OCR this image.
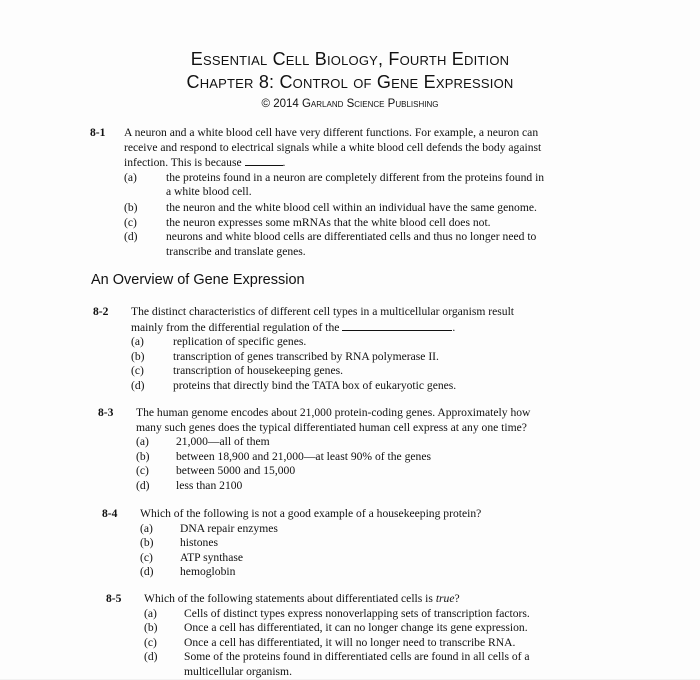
Essential Cell Biology, Fourth Edition
Chapter 8: Control of Gene Expression
© 2014 Garland Science Publishing
8-1 A neuron and a white blood cell have very different functions. For example, a neuron can
receive and respond to electrical signals while a white blood cell defends the body against
infection. This is because	.
(a)	the proteins found in a neuron are completely different from the proteins found in
a white blood cell.
(b) the neuron and the white blood cell within an individual have the same genome.
(c)	the neuron expresses some mRNAs that the white blood cell does not.
(d) neurons and white blood cells are differentiated cells and thus no longer need to
transcribe and translate genes.
An Overview of Gene Expression
8-2 The distinct characteristics of different cell types in a multicellular organism result
mainly from the differential regulation of the	.
(a)	replication of specific genes.
(b) transcription of genes transcribed by RNA polymerase II.
(c)	transcription of housekeeping genes.
(d) proteins that directly bind the TATA box of eukaryotic genes.
8-3 The human genome encodes about 21,000 protein-coding genes. Approximately how
many such genes does the typical differentiated human cell express at any one time?
(a) 21,000—all of them
(b) between 18,900 and 21,000—at least 90% of the genes
(c) between 5000 and 15,000
(d) less than 2100
8-4 Which of the following is not a good example of a housekeeping protein?
(a) DNA repair enzymes
(b) histones
(c) ATP synthase
(d) hemoglobin
8-5 Which of the following statements about differentiated cells is true?
(a) Cells of distinct types express nonoverlapping sets of transcription factors.
(b) Once a cell has differentiated, it can no longer change its gene expression.
(c) Once a cell has differentiated, it will no longer need to transcribe RNA.
(d) Some of the proteins found in differentiated cells are found in all cells of a
multicellular organism.
